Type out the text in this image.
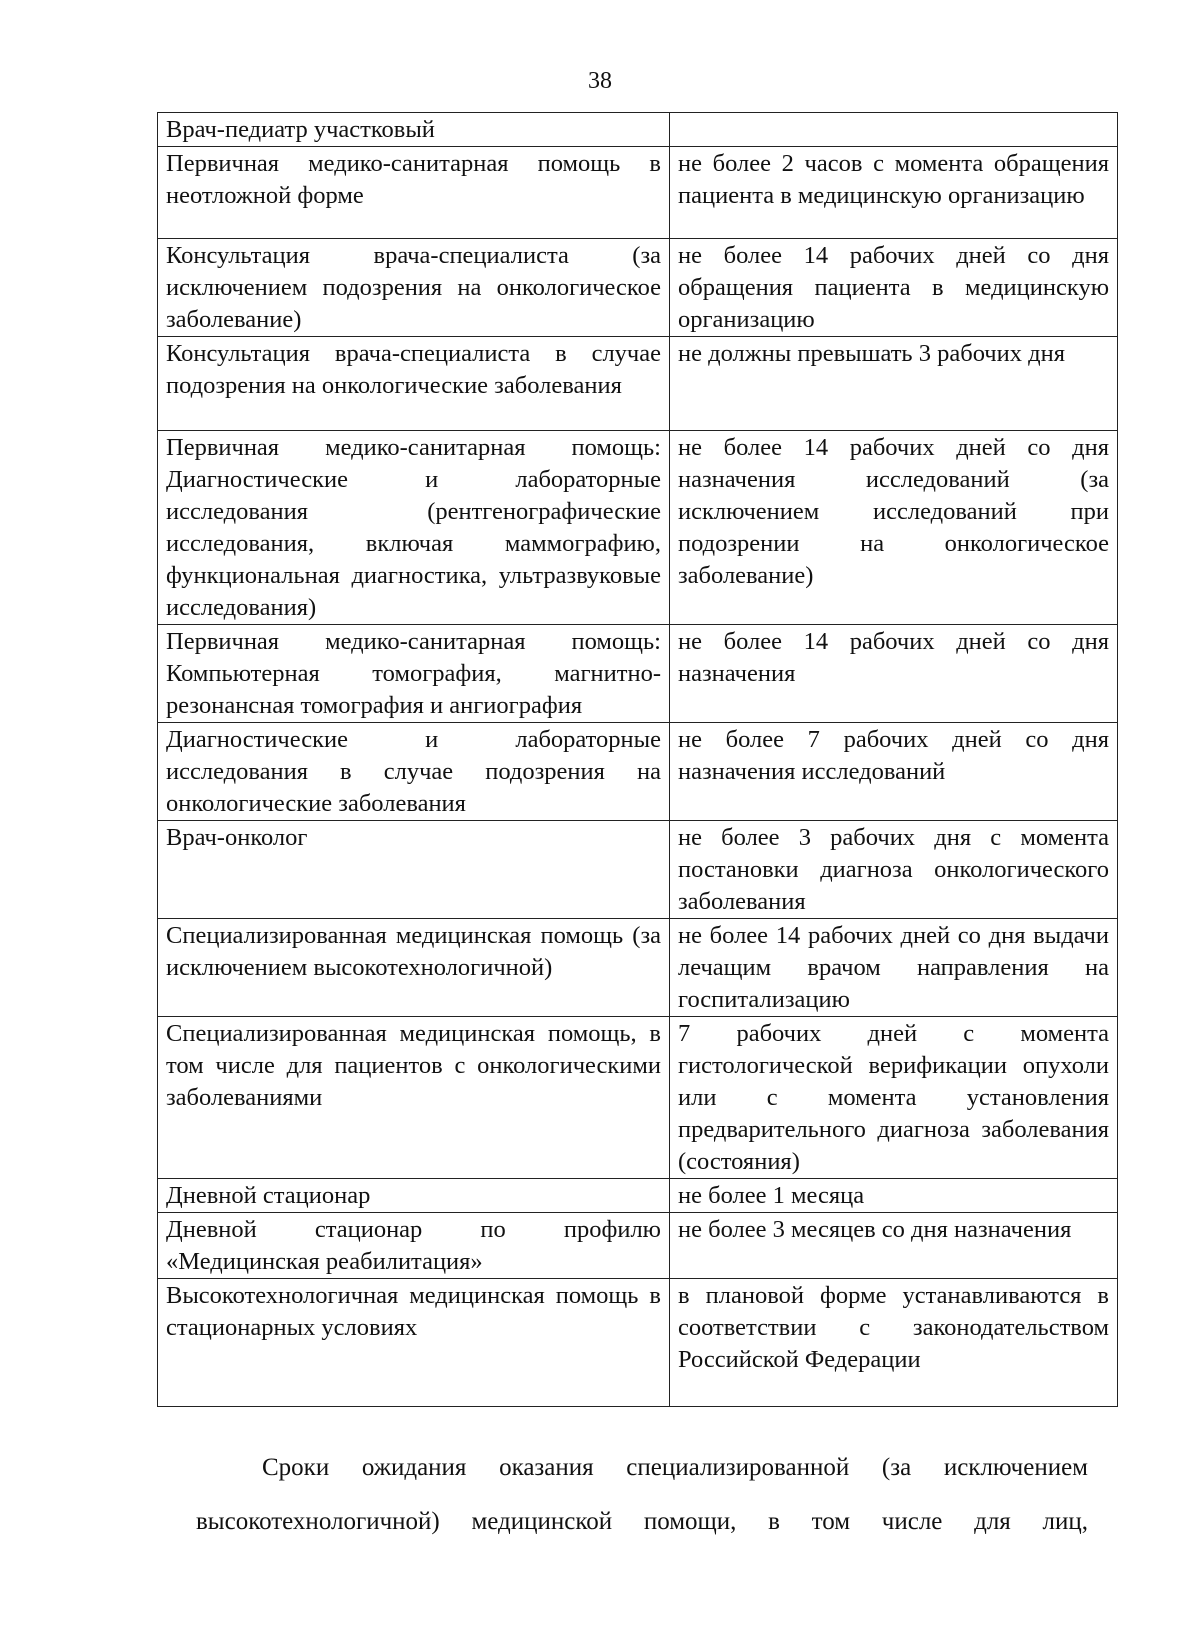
38
Врач-педиатр участковый	
Первичная медико-санитарная помощь в неотложной форме	не более 2 часов с момента обращения пациента в медицинскую организацию
Консультация врача-специалиста (за исключением подозрения на онкологическое заболевание)	не более 14 рабочих дней со дня обращения пациента в медицинскую организацию
Консультация врача-специалиста в случае подозрения на онкологические заболевания	не должны превышать 3 рабочих дня
Первичная медико-санитарная помощь: Диагностические и лабораторные исследования (рентгенографические исследования, включая маммографию, функциональная диагностика, ультразвуковые исследования)	не более 14 рабочих дней со дня назначения исследований (за исключением исследований при подозрении на онкологическое заболевание)
Первичная медико-санитарная помощь: Компьютерная томография, магнитно-резонансная томография и ангиография	не более 14 рабочих дней со дня назначения
Диагностические и лабораторные исследования в случае подозрения на онкологические заболевания	не более 7 рабочих дней со дня назначения исследований
Врач-онколог	не более 3 рабочих дня с момента постановки диагноза онкологического заболевания
Специализированная медицинская помощь (за исключением высокотехнологичной)	не более 14 рабочих дней со дня выдачи лечащим врачом направления на госпитализацию
Специализированная медицинская помощь, в том числе для пациентов с онкологическими заболеваниями	7 рабочих дней с момента гистологической верификации опухоли или с момента установления предварительного диагноза заболевания (состояния)
Дневной стационар	не более 1 месяца
Дневной стационар по профилю «Медицинская реабилитация»	не более 3 месяцев со дня назначения
Высокотехнологичная медицинская помощь в стационарных условиях	в плановой форме устанавливаются в соответствии с законодательством Российской Федерации
Сроки ожидания оказания специализированной (за исключением
высокотехнологичной) медицинской помощи, в том числе для лиц,
